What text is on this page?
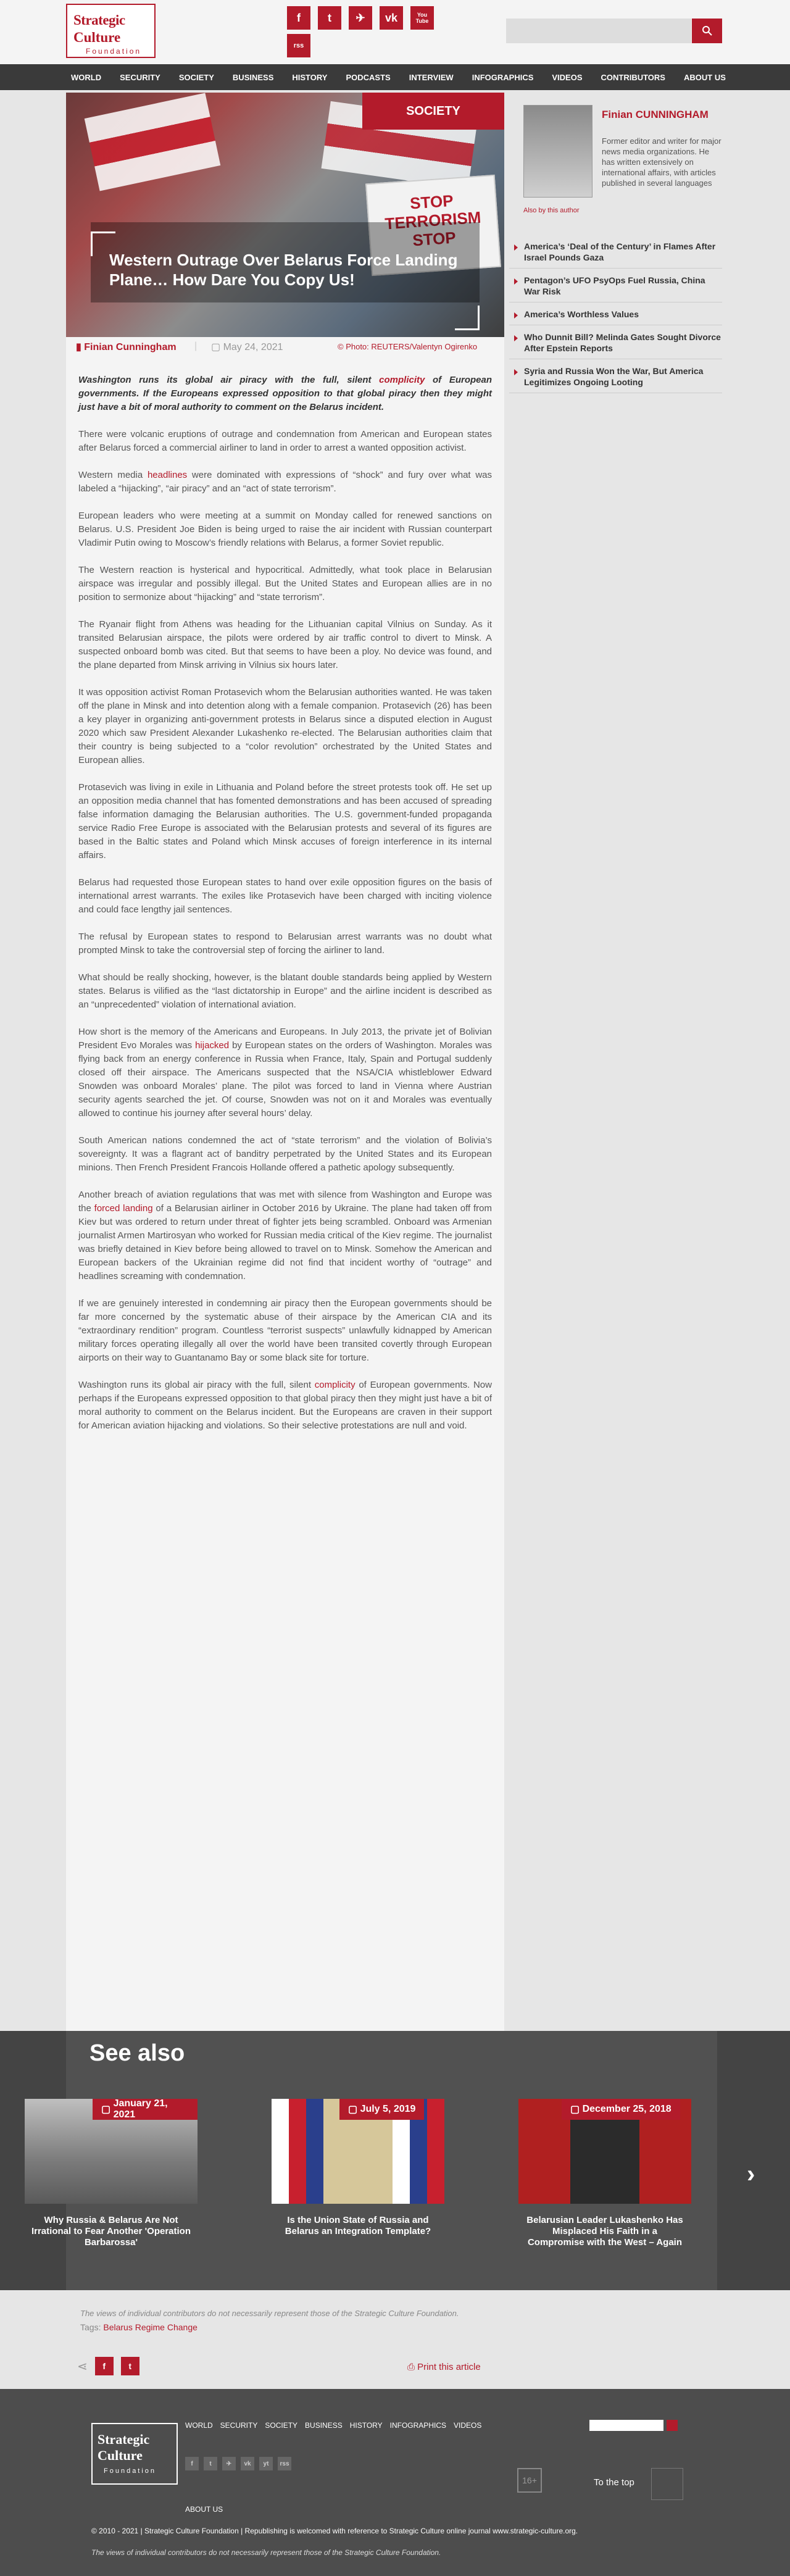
Strategic
Culture
Foundation
f	t	✈	vk	You Tube
rss
WORLD SECURITY SOCIETY BUSINESS HISTORY PODCASTS INTERVIEW INFOGRAPHICS VIDEOS CONTRIBUTORS ABOUT US
STOP TERRORISM STOP
Western Outrage Over Belarus Force Landing Plane… How Dare You Copy Us!
SOCIETY
▮ Finian Cunningham | ▢ May 24, 2021	© Photo: REUTERS/Valentyn Ogirenko

Washington runs its global air piracy with the full, silent complicity of European governments. If the Europeans expressed opposition to that global piracy then they might just have a bit of moral authority to comment on the Belarus incident.

There were volcanic eruptions of outrage and condemnation from American and European states after Belarus forced a commercial airliner to land in order to arrest a wanted opposition activist.

Western media headlines were dominated with expressions of “shock” and fury over what was labeled a “hijacking”, “air piracy” and an “act of state terrorism”.

European leaders who were meeting at a summit on Monday called for renewed sanctions on Belarus. U.S. President Joe Biden is being urged to raise the air incident with Russian counterpart Vladimir Putin owing to Moscow’s friendly relations with Belarus, a former Soviet republic.

The Western reaction is hysterical and hypocritical. Admittedly, what took place in Belarusian airspace was irregular and possibly illegal. But the United States and European allies are in no position to sermonize about “hijacking” and “state terrorism”.

The Ryanair flight from Athens was heading for the Lithuanian capital Vilnius on Sunday. As it transited Belarusian airspace, the pilots were ordered by air traffic control to divert to Minsk. A suspected onboard bomb was cited. But that seems to have been a ploy. No device was found, and the plane departed from Minsk arriving in Vilnius six hours later.

It was opposition activist Roman Protasevich whom the Belarusian authorities wanted. He was taken off the plane in Minsk and into detention along with a female companion. Protasevich (26) has been a key player in organizing anti-government protests in Belarus since a disputed election in August 2020 which saw President Alexander Lukashenko re-elected. The Belarusian authorities claim that their country is being subjected to a “color revolution” orchestrated by the United States and European allies.

Protasevich was living in exile in Lithuania and Poland before the street protests took off. He set up an opposition media channel that has fomented demonstrations and has been accused of spreading false information damaging the Belarusian authorities. The U.S. government-funded propaganda service Radio Free Europe is associated with the Belarusian protests and several of its figures are based in the Baltic states and Poland which Minsk accuses of foreign interference in its internal affairs.

Belarus had requested those European states to hand over exile opposition figures on the basis of international arrest warrants. The exiles like Protasevich have been charged with inciting violence and could face lengthy jail sentences.

The refusal by European states to respond to Belarusian arrest warrants was no doubt what prompted Minsk to take the controversial step of forcing the airliner to land.

What should be really shocking, however, is the blatant double standards being applied by Western states. Belarus is vilified as the “last dictatorship in Europe” and the airline incident is described as an “unprecedented” violation of international aviation.

How short is the memory of the Americans and Europeans. In July 2013, the private jet of Bolivian President Evo Morales was hijacked by European states on the orders of Washington. Morales was flying back from an energy conference in Russia when France, Italy, Spain and Portugal suddenly closed off their airspace. The Americans suspected that the NSA/CIA whistleblower Edward Snowden was onboard Morales’ plane. The pilot was forced to land in Vienna where Austrian security agents searched the jet. Of course, Snowden was not on it and Morales was eventually allowed to continue his journey after several hours’ delay.

South American nations condemned the act of “state terrorism” and the violation of Bolivia’s sovereignty. It was a flagrant act of banditry perpetrated by the United States and its European minions. Then French President Francois Hollande offered a pathetic apology subsequently.

Another breach of aviation regulations that was met with silence from Washington and Europe was the forced landing of a Belarusian airliner in October 2016 by Ukraine. The plane had taken off from Kiev but was ordered to return under threat of fighter jets being scrambled. Onboard was Armenian journalist Armen Martirosyan who worked for Russian media critical of the Kiev regime. The journalist was briefly detained in Kiev before being allowed to travel on to Minsk. Somehow the American and European backers of the Ukrainian regime did not find that incident worthy of “outrage” and headlines screaming with condemnation.

If we are genuinely interested in condemning air piracy then the European governments should be far more concerned by the systematic abuse of their airspace by the American CIA and its “extraordinary rendition” program. Countless “terrorist suspects” unlawfully kidnapped by American military forces operating illegally all over the world have been transited covertly through European airports on their way to Guantanamo Bay or some black site for torture.

Washington runs its global air piracy with the full, silent complicity of European governments. Now perhaps if the Europeans expressed opposition to that global piracy then they might just have a bit of moral authority to comment on the Belarus incident. But the Europeans are craven in their support for American aviation hijacking and violations. So their selective protestations are null and void.

Finian CUNNINGHAM
Former editor and writer for major news media organizations. He has written extensively on international affairs, with articles published in several languages
Also by this author
America’s ‘Deal of the Century’ in Flames After Israel Pounds Gaza
Pentagon’s UFO PsyOps Fuel Russia, China War Risk
America’s Worthless Values
Who Dunnit Bill? Melinda Gates Sought Divorce After Epstein Reports
Syria and Russia Won the War, But America Legitimizes Ongoing Looting
See also
›
▢
January 21, 2021
Why Russia & Belarus Are Not Irrational to Fear Another 'Operation Barbarossa'
▢ July 5, 2019
Is the Union State of Russia and Belarus an Integration Template?
▢ December 25, 2018
Belarusian Leader Lukashenko Has Misplaced His Faith in a Compromise with the West – Again
The views of individual contributors do not necessarily represent those of the Strategic Culture Foundation.
Tags: Belarus Regime Change
⋖	f	t	⎙ Print this article
Strategic
Culture
Foundation
WORLD SECURITY SOCIETY BUSINESS HISTORY INFOGRAPHICS VIDEOS
f	t	✈	vk	yt	rss
16+	To the top
ABOUT US
© 2010 - 2021 | Strategic Culture Foundation | Republishing is welcomed with reference to Strategic Culture online journal www.strategic-culture.org.
The views of individual contributors do not necessarily represent those of the Strategic Culture Foundation.
